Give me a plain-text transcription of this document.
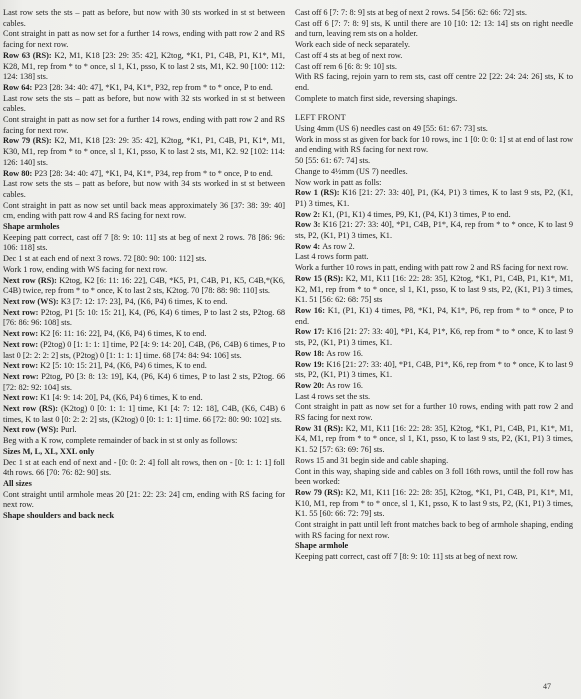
Last row sets the sts – patt as before, but now with 30 sts worked in st st between cables.

Cont straight in patt as now set for a further 14 rows, ending with patt row 2 and RS facing for next row.

Row 63 (RS): K2, M1, K18 [23: 29: 35: 42], K2tog, *K1, P1, C4B, P1, K1*, M1, K28, M1, rep from * to * once, sl 1, K1, psso, K to last 2 sts, M1, K2. 90 [100: 112: 124: 138] sts.

Row 64: P23 [28: 34: 40: 47], *K1, P4, K1*, P32, rep from * to * once, P to end.

Last row sets the sts – patt as before, but now with 32 sts worked in st st between cables.

Cont straight in patt as now set for a further 14 rows, ending with patt row 2 and RS facing for next row.

Row 79 (RS): K2, M1, K18 [23: 29: 35: 42], K2tog, *K1, P1, C4B, P1, K1*, M1, K30, M1, rep from * to * once, sl 1, K1, psso, K to last 2 sts, M1, K2. 92 [102: 114: 126: 140] sts.

Row 80: P23 [28: 34: 40: 47], *K1, P4, K1*, P34, rep from * to * once, P to end.

Last row sets the sts – patt as before, but now with 34 sts worked in st st between cables.

Cont straight in patt as now set until back meas approximately 36 [37: 38: 39: 40] cm, ending with patt row 4 and RS facing for next row.

Shape armholes

Keeping patt correct, cast off 7 [8: 9: 10: 11] sts at beg of next 2 rows. 78 [86: 96: 106: 118] sts.

Dec 1 st at each end of next 3 rows. 72 [80: 90: 100: 112] sts.

Work 1 row, ending with WS facing for next row.

Next row (RS): K2tog, K2 [6: 11: 16: 22], C4B, *K5, P1, C4B, P1, K5, C4B,*(K6, C4B) twice, rep from * to * once, K to last 2 sts, K2tog. 70 [78: 88: 98: 110] sts.

Next row (WS): K3 [7: 12: 17: 23], P4, (K6, P4) 6 times, K to end.

Next row: P2tog, P1 [5: 10: 15: 21], K4, (P6, K4) 6 times, P to last 2 sts, P2tog. 68 [76: 86: 96: 108] sts.

Next row: K2 [6: 11: 16: 22], P4, (K6, P4) 6 times, K to end.

Next row: (P2tog) 0 [1: 1: 1: 1] time, P2 [4: 9: 14: 20], C4B, (P6, C4B) 6 times, P to last 0 [2: 2: 2: 2] sts, (P2tog) 0 [1: 1: 1: 1] time. 68 [74: 84: 94: 106] sts.

Next row: K2 [5: 10: 15: 21], P4, (K6, P4) 6 times, K to end.

Next row: P2tog, P0 [3: 8: 13: 19], K4, (P6, K4) 6 times, P to last 2 sts, P2tog. 66 [72: 82: 92: 104] sts.

Next row: K1 [4: 9: 14: 20], P4, (K6, P4) 6 times, K to end.

Next row (RS): (K2tog) 0 [0: 1: 1: 1] time, K1 [4: 7: 12: 18], C4B, (K6, C4B) 6 times, K to last 0 [0: 2: 2: 2] sts, (K2tog) 0 [0: 1: 1: 1] time. 66 [72: 80: 90: 102] sts.

Next row (WS): Purl.

Beg with a K row, complete remainder of back in st st only as follows:

Sizes M, L, XL, XXL only

Dec 1 st at each end of next and - [0: 0: 2: 4] foll alt rows, then on - [0: 1: 1: 1] foll 4th rows. 66 [70: 76: 82: 90] sts.

All sizes

Cont straight until armhole meas 20 [21: 22: 23: 24] cm, ending with RS facing for next row.

Shape shoulders and back neck

Cast off 6 [7: 7: 8: 9] sts at beg of next 2 rows. 54 [56: 62: 66: 72] sts.

Cast off 6 [7: 7: 8: 9] sts, K until there are 10 [10: 12: 13: 14] sts on right needle and turn, leaving rem sts on a holder.

Work each side of neck separately.

Cast off 4 sts at beg of next row.

Cast off rem 6 [6: 8: 9: 10] sts.

With RS facing, rejoin yarn to rem sts, cast off centre 22 [22: 24: 24: 26] sts, K to end.

Complete to match first side, reversing shapings.

LEFT FRONT

Using 4mm (US 6) needles cast on 49 [55: 61: 67: 73] sts.

Work in moss st as given for back for 10 rows, inc 1 [0: 0: 0: 1] st at end of last row and ending with RS facing for next row.

50 [55: 61: 67: 74] sts.

Change to 4½mm (US 7) needles.

Now work in patt as folls:

Row 1 (RS): K16 [21: 27: 33: 40], P1, (K4, P1) 3 times, K to last 9 sts, P2, (K1, P1) 3 times, K1.

Row 2: K1, (P1, K1) 4 times, P9, K1, (P4, K1) 3 times, P to end.

Row 3: K16 [21: 27: 33: 40], *P1, C4B, P1*, K4, rep from * to * once, K to last 9 sts, P2, (K1, P1) 3 times, K1.

Row 4: As row 2.

Last 4 rows form patt.

Work a further 10 rows in patt, ending with patt row 2 and RS facing for next row.

Row 15 (RS): K2, M1, K11 [16: 22: 28: 35], K2tog, *K1, P1, C4B, P1, K1*, M1, K2, M1, rep from * to * once, sl 1, K1, psso, K to last 9 sts, P2, (K1, P1) 3 times, K1. 51 [56: 62: 68: 75] sts

Row 16: K1, (P1, K1) 4 times, P8, *K1, P4, K1*, P6, rep from * to * once, P to end.

Row 17: K16 [21: 27: 33: 40], *P1, K4, P1*, K6, rep from * to * once, K to last 9 sts, P2, (K1, P1) 3 times, K1.

Row 18: As row 16.

Row 19: K16 [21: 27: 33: 40], *P1, C4B, P1*, K6, rep from * to * once, K to last 9 sts, P2, (K1, P1) 3 times, K1.

Row 20: As row 16.

Last 4 rows set the sts.

Cont straight in patt as now set for a further 10 rows, ending with patt row 2 and RS facing for next row.

Row 31 (RS): K2, M1, K11 [16: 22: 28: 35], K2tog, *K1, P1, C4B, P1, K1*, M1, K4, M1, rep from * to * once, sl 1, K1, psso, K to last 9 sts, P2, (K1, P1) 3 times, K1. 52 [57: 63: 69: 76] sts.

Rows 15 and 31 begin side and cable shaping.

Cont in this way, shaping side and cables on 3 foll 16th rows, until the foll row has been worked:

Row 79 (RS): K2, M1, K11 [16: 22: 28: 35], K2tog, *K1, P1, C4B, P1, K1*, M1, K10, M1, rep from * to * once, sl 1, K1, psso, K to last 9 sts, P2, (K1, P1) 3 times, K1. 55 [60: 66: 72: 79] sts.

Cont straight in patt until left front matches back to beg of armhole shaping, ending with RS facing for next row.

Shape armhole

Keeping patt correct, cast off 7 [8: 9: 10: 11] sts at beg of next row.

47
